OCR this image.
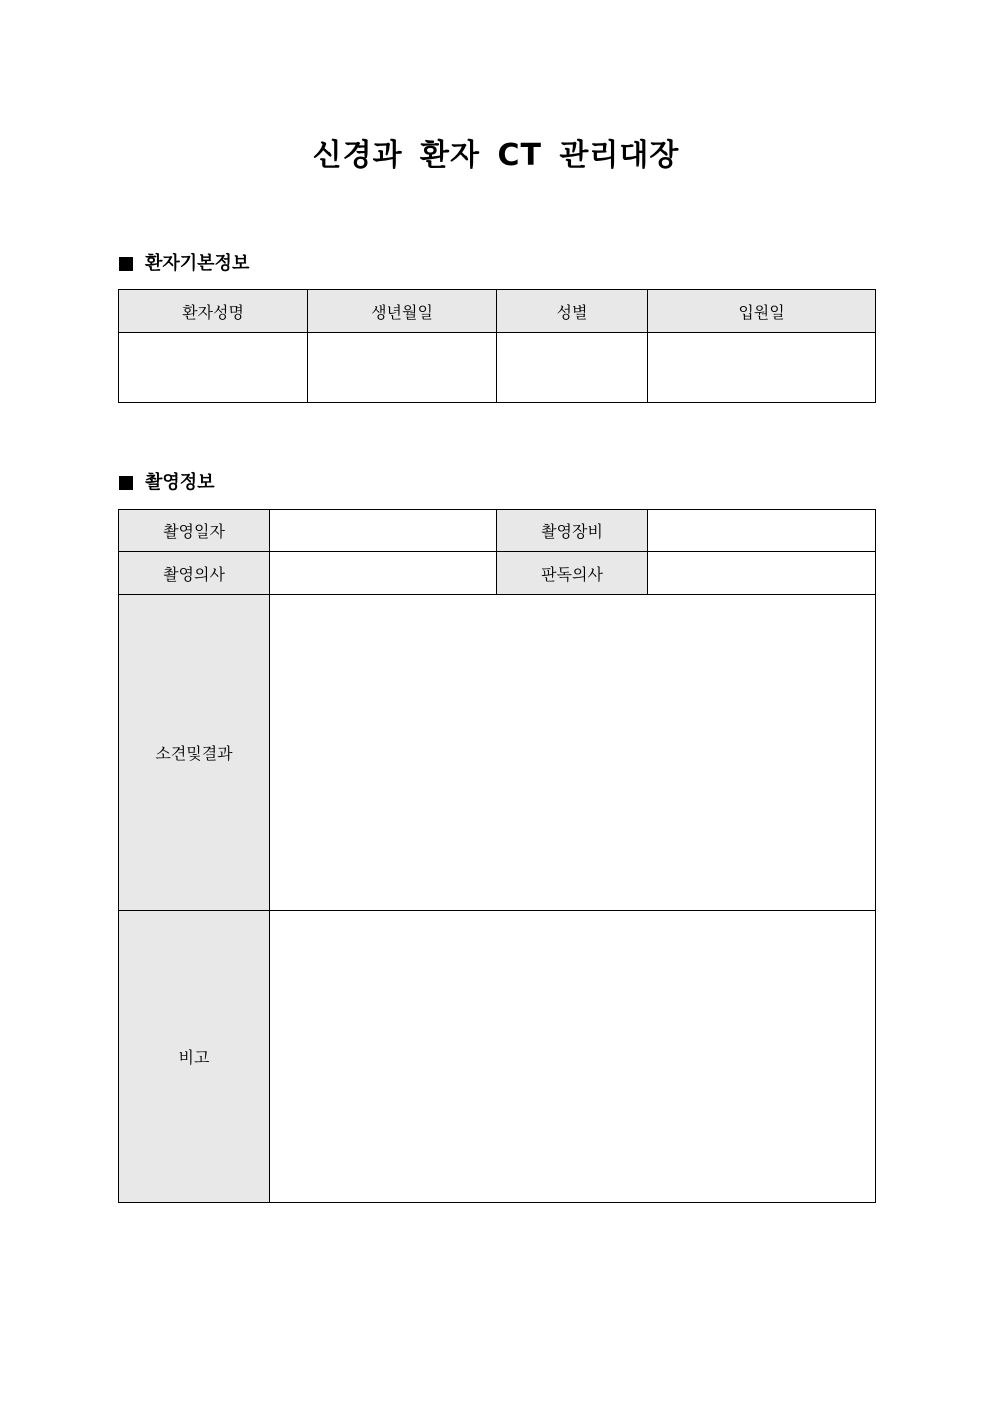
신경과 환자 CT 관리대장
환자기본정보
환자성명	생년월일	성별	입원일

촬영정보
촬영일자		촬영장비	
촬영의사		판독의사	
소견및결과			
비고			
